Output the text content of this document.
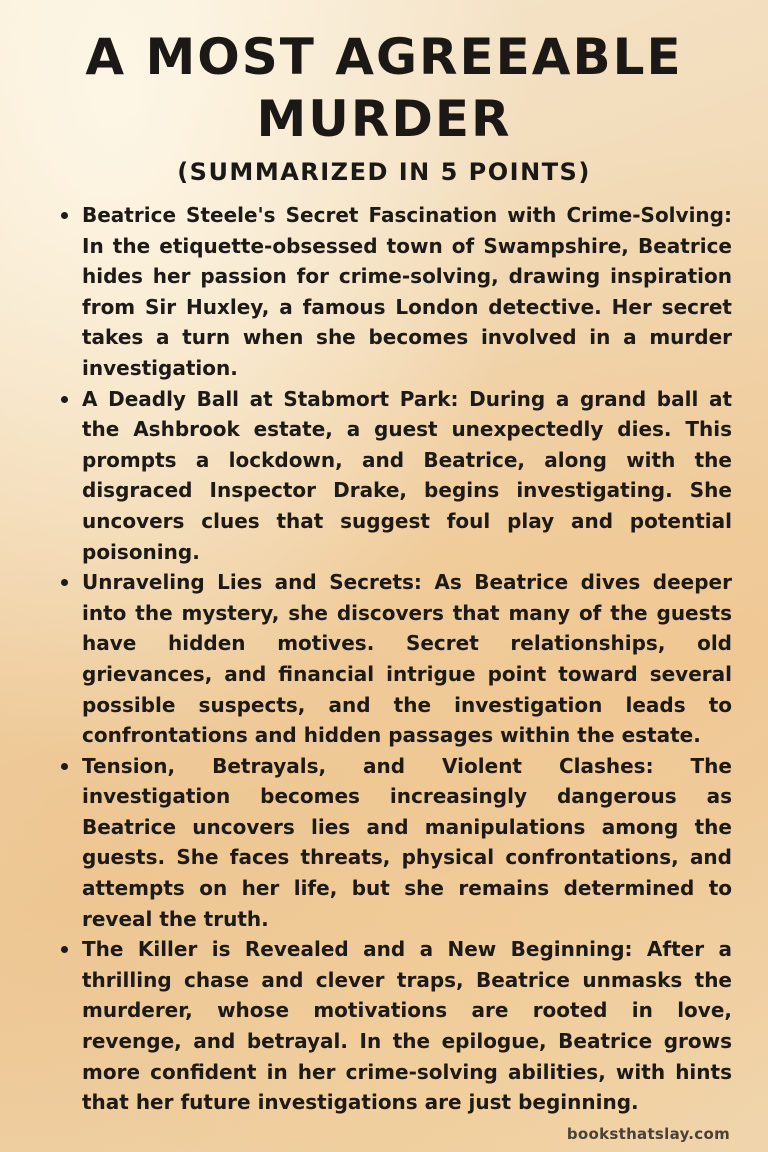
A MOST AGREEABLE MURDER
(SUMMARIZED IN 5 POINTS)
Beatrice Steele's Secret Fascination with Crime-Solving: In the etiquette-obsessed town of Swampshire, Beatrice hides her passion for crime-solving, drawing inspiration from Sir Huxley, a famous London detective. Her secret takes a turn when she becomes involved in a murder investigation.
A Deadly Ball at Stabmort Park: During a grand ball at the Ashbrook estate, a guest unexpectedly dies. This prompts a lockdown, and Beatrice, along with the disgraced Inspector Drake, begins investigating. She uncovers clues that suggest foul play and potential poisoning.
Unraveling Lies and Secrets: As Beatrice dives deeper into the mystery, she discovers that many of the guests have hidden motives. Secret relationships, old grievances, and financial intrigue point toward several possible suspects, and the investigation leads to confrontations and hidden passages within the estate.
Tension, Betrayals, and Violent Clashes: The investigation becomes increasingly dangerous as Beatrice uncovers lies and manipulations among the guests. She faces threats, physical confrontations, and attempts on her life, but she remains determined to reveal the truth.
The Killer is Revealed and a New Beginning: After a thrilling chase and clever traps, Beatrice unmasks the murderer, whose motivations are rooted in love, revenge, and betrayal. In the epilogue, Beatrice grows more confident in her crime-solving abilities, with hints that her future investigations are just beginning.
booksthatslay.com
